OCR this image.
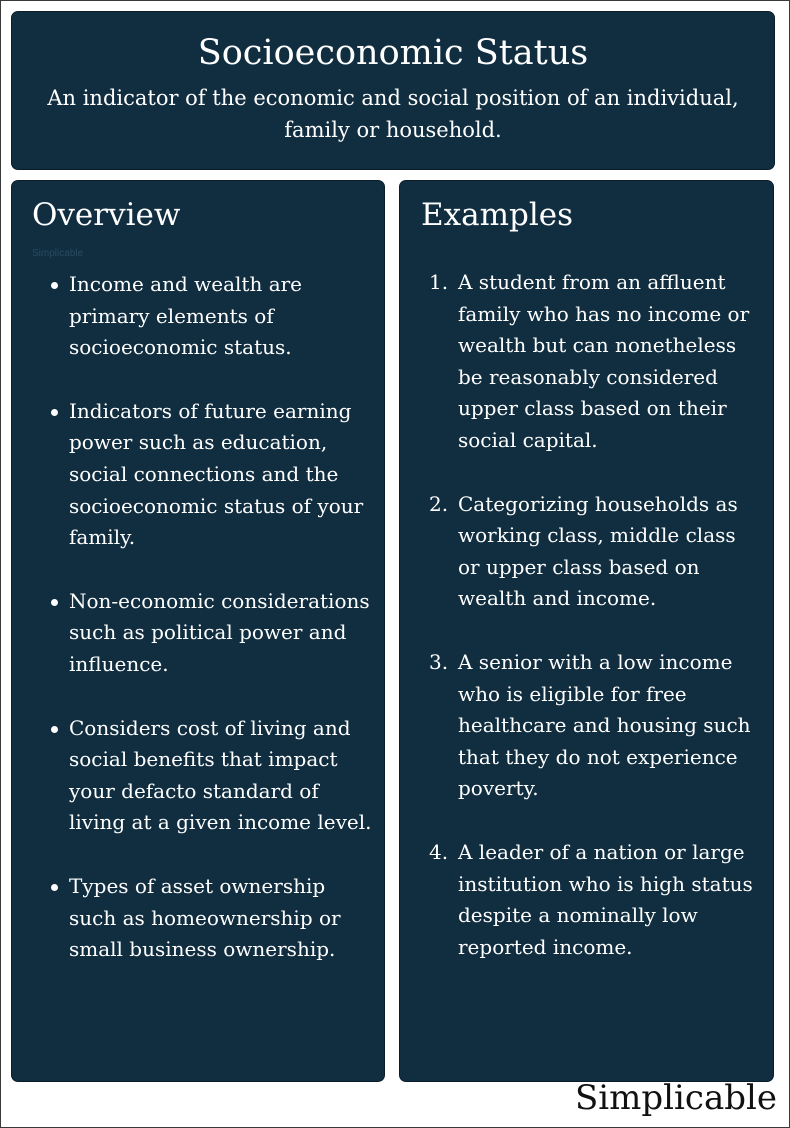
Socioeconomic Status
An indicator of the economic and social position of an individual, family or household.
Overview
Simplicable
Income and wealth are primary elements of socioeconomic status.
Indicators of future earning power such as education, social connections and the socioeconomic status of your family.
Non-economic considerations such as political power and influence.
Considers cost of living and social benefits that impact your defacto standard of living at a given income level.
Types of asset ownership such as homeownership or small business ownership.
Examples
1. A student from an affluent family who has no income or wealth but can nonetheless be reasonably considered upper class based on their social capital.
2. Categorizing households as working class, middle class or upper class based on wealth and income.
3. A senior with a low income who is eligible for free healthcare and housing such that they do not experience poverty.
4. A leader of a nation or large institution who is high status despite a nominally low reported income.
Simplicable
